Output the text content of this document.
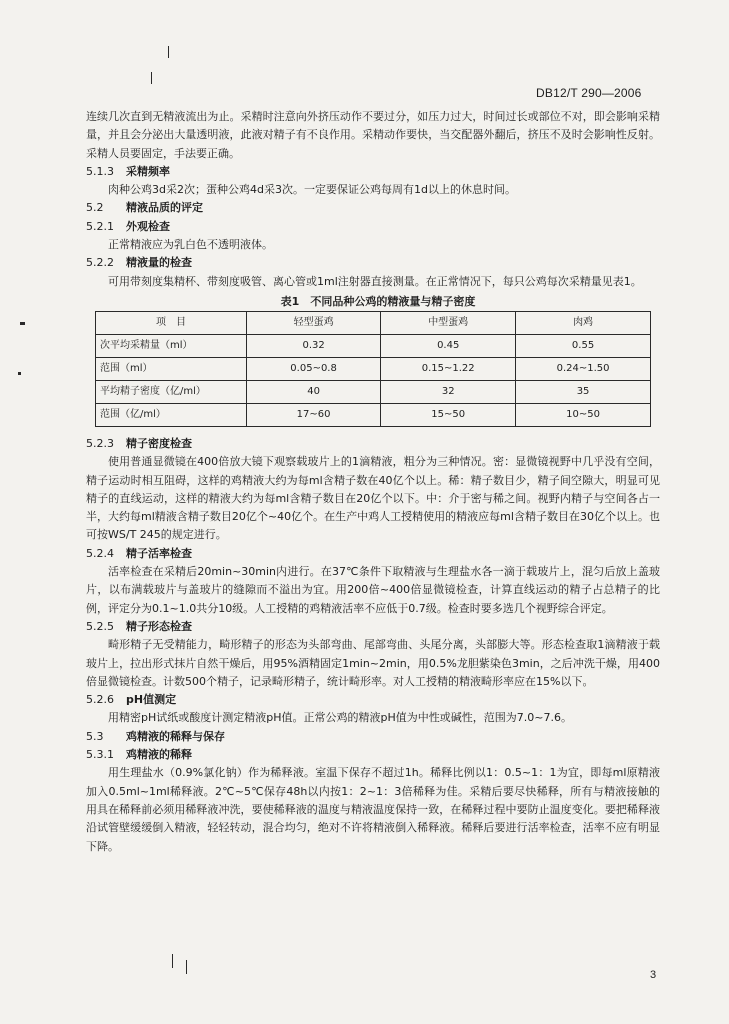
DB12/T 290—2006

连续几次直到无精液流出为止。采精时注意向外挤压动作不要过分，如压力过大，时间过长或部位不对，即会影响采精量，并且会分泌出大量透明液，此液对精子有不良作用。采精动作要快，当交配器外翻后，挤压不及时会影响性反射。采精人员要固定，手法要正确。

5.1.3 采精频率

肉种公鸡3d采2次；蛋种公鸡4d采3次。一定要保证公鸡每周有1d以上的休息时间。

5.2 精液品质的评定
5.2.1 外观检查

正常精液应为乳白色不透明液体。

5.2.2 精液量的检查

可用带刻度集精杯、带刻度吸管、离心管或1ml注射器直接测量。在正常情况下，每只公鸡每次采精量见表1。

表1　不同品种公鸡的精液量与精子密度
项　目	轻型蛋鸡	中型蛋鸡	肉鸡
次平均采精量（ml）	0.32	0.45	0.55
范围（ml）	0.05~0.8	0.15~1.22	0.24~1.50
平均精子密度（亿/ml）	40	32	35
范围（亿/ml）	17~60	15~50	10~50
5.2.3 精子密度检查

使用普通显微镜在400倍放大镜下观察载玻片上的1滴精液，粗分为三种情况。密：显微镜视野中几乎没有空间，精子运动时相互阻碍，这样的鸡精液大约为每ml含精子数在40亿个以上。稀：精子数目少，精子间空隙大，明显可见精子的直线运动，这样的精液大约为每ml含精子数目在20亿个以下。中：介于密与稀之间。视野内精子与空间各占一半，大约每ml精液含精子数目20亿个~40亿个。在生产中鸡人工授精使用的精液应每ml含精子数目在30亿个以上。也可按WS/T 245的规定进行。

5.2.4 精子活率检查

活率检查在采精后20min~30min内进行。在37℃条件下取精液与生理盐水各一滴于载玻片上，混匀后放上盖玻片，以布满载玻片与盖玻片的缝隙而不溢出为宜。用200倍~400倍显微镜检查，计算直线运动的精子占总精子的比例，评定分为0.1~1.0共分10级。人工授精的鸡精液活率不应低于0.7级。检查时要多选几个视野综合评定。

5.2.5 精子形态检查

畸形精子无受精能力，畸形精子的形态为头部弯曲、尾部弯曲、头尾分离，头部膨大等。形态检查取1滴精液于载玻片上，拉出形式抹片自然干燥后，用95%酒精固定1min~2min，用0.5%龙胆紫染色3min，之后冲洗干燥，用400倍显微镜检查。计数500个精子，记录畸形精子，统计畸形率。对人工授精的精液畸形率应在15%以下。

5.2.6 pH值测定

用精密pH试纸或酸度计测定精液pH值。正常公鸡的精液pH值为中性或碱性，范围为7.0~7.6。

5.3 鸡精液的稀释与保存
5.3.1 鸡精液的稀释

用生理盐水（0.9%氯化钠）作为稀释液。室温下保存不超过1h。稀释比例以1：0.5~1：1为宜，即每ml原精液加入0.5ml~1ml稀释液。2℃~5℃保存48h以内按1：2~1：3倍稀释为佳。采精后要尽快稀释，所有与精液接触的用具在稀释前必须用稀释液冲洗，要使稀释液的温度与精液温度保持一致，在稀释过程中要防止温度变化。要把稀释液沿试管壁缓缓倒入精液，轻轻转动，混合均匀，绝对不许将精液倒入稀释液。稀释后要进行活率检查，活率不应有明显下降。

3
